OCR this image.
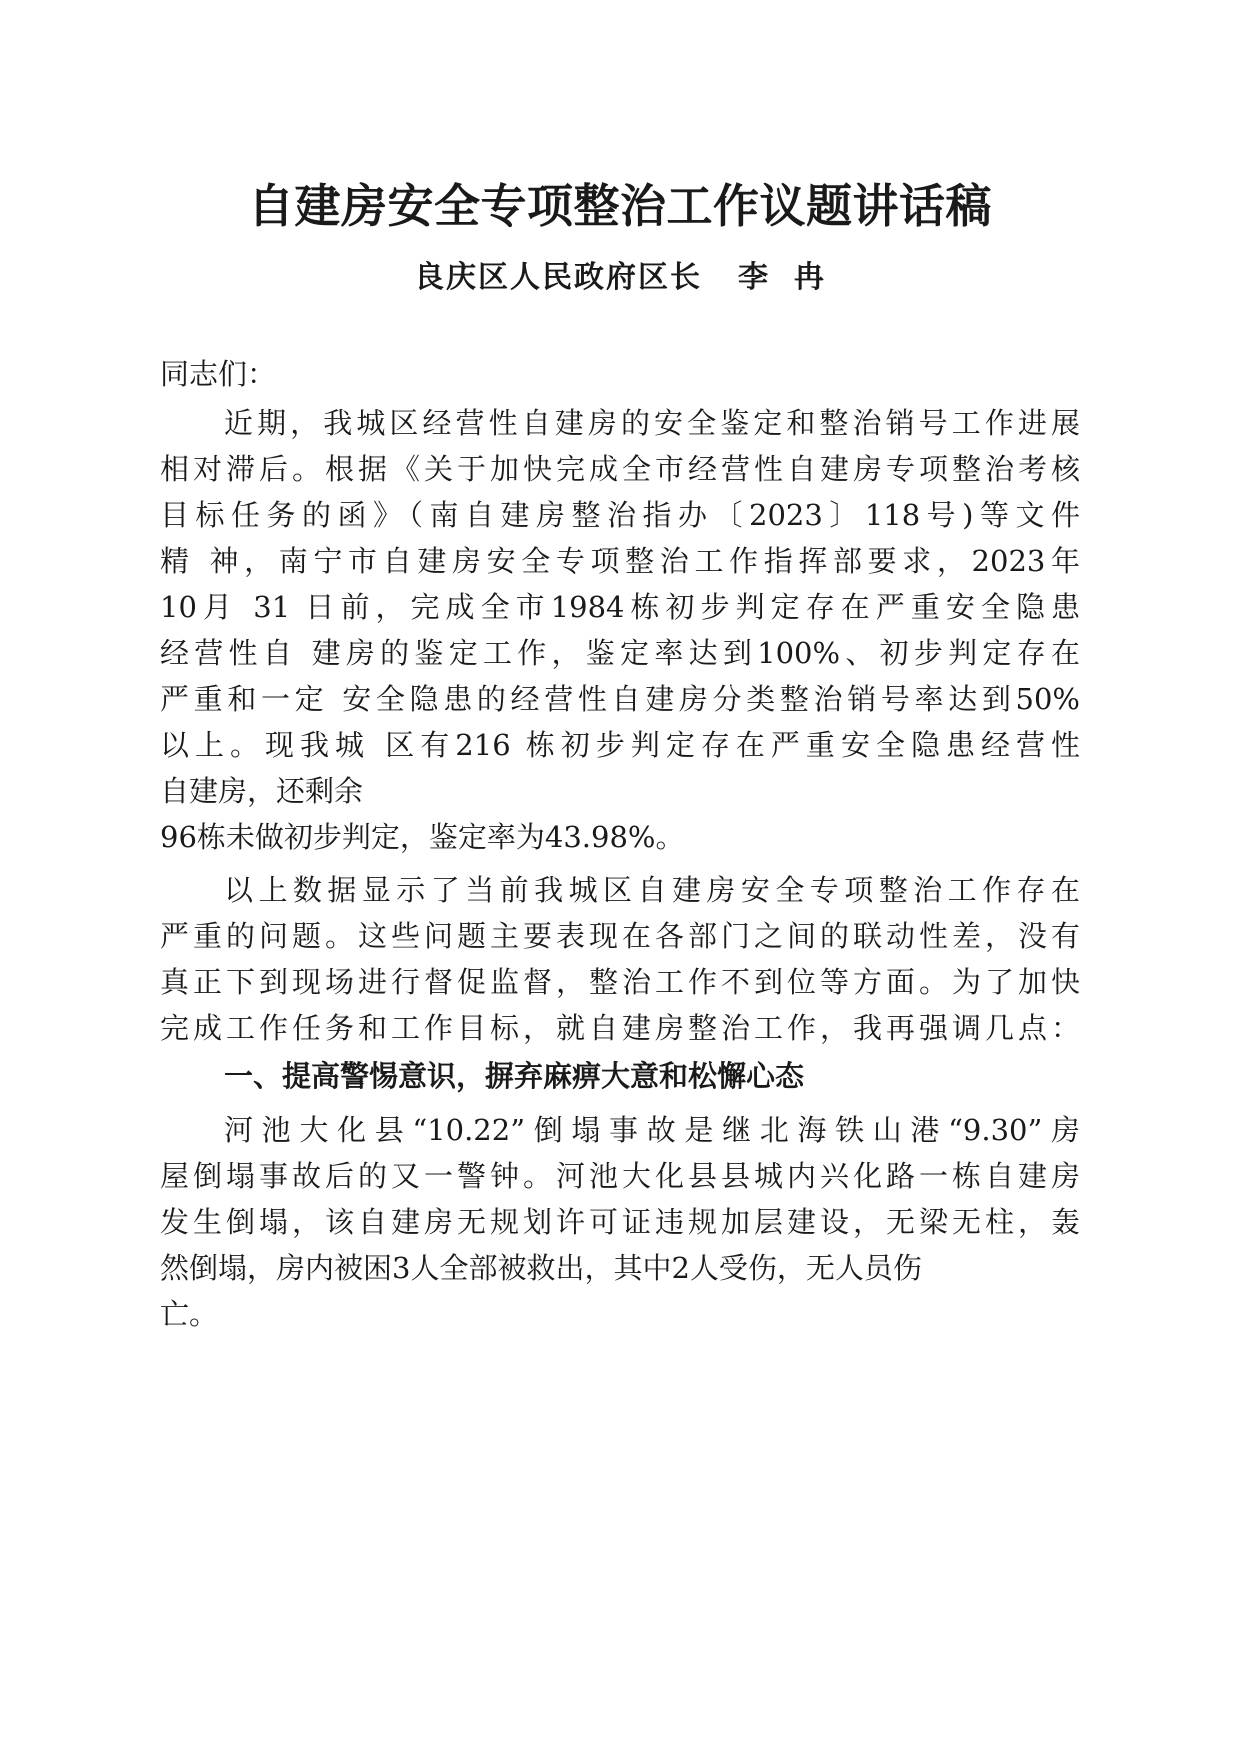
自建房安全专项整治工作议题讲话稿
良庆区人民政府区长 李 冉

同志们：

近期，我城区经营性自建房的安全鉴定和整治销号工作进展

相对滞后。根据《关于加快完成全市经营性自建房专项整治考核

目标任务的函》（南自建房整治指办〔2023〕118号)等文件

精 神，南宁市自建房安全专项整治工作指挥部要求，2023年

10月 31 日前，完成全市1984栋初步判定存在严重安全隐患

经营性自 建房的鉴定工作，鉴定率达到100%、初步判定存在

严重和一定 安全隐患的经营性自建房分类整治销号率达到50%

以上。现我城 区有216 栋初步判定存在严重安全隐患经营性

自建房，还剩余

96栋未做初步判定，鉴定率为43.98%。

以上数据显示了当前我城区自建房安全专项整治工作存在

严重的问题。这些问题主要表现在各部门之间的联动性差，没有

真正下到现场进行督促监督，整治工作不到位等方面。为了加快

完成工作任务和工作目标，就自建房整治工作，我再强调几点：

一、提高警惕意识，摒弃麻痹大意和松懈心态

河池大化县“10.22”倒塌事故是继北海铁山港“9.30”房

屋倒塌事故后的又一警钟。河池大化县县城内兴化路一栋自建房

发生倒塌，该自建房无规划许可证违规加层建设，无梁无柱，轰

然倒塌，房内被困3人全部被救出，其中2人受伤，无人员伤

亡。
